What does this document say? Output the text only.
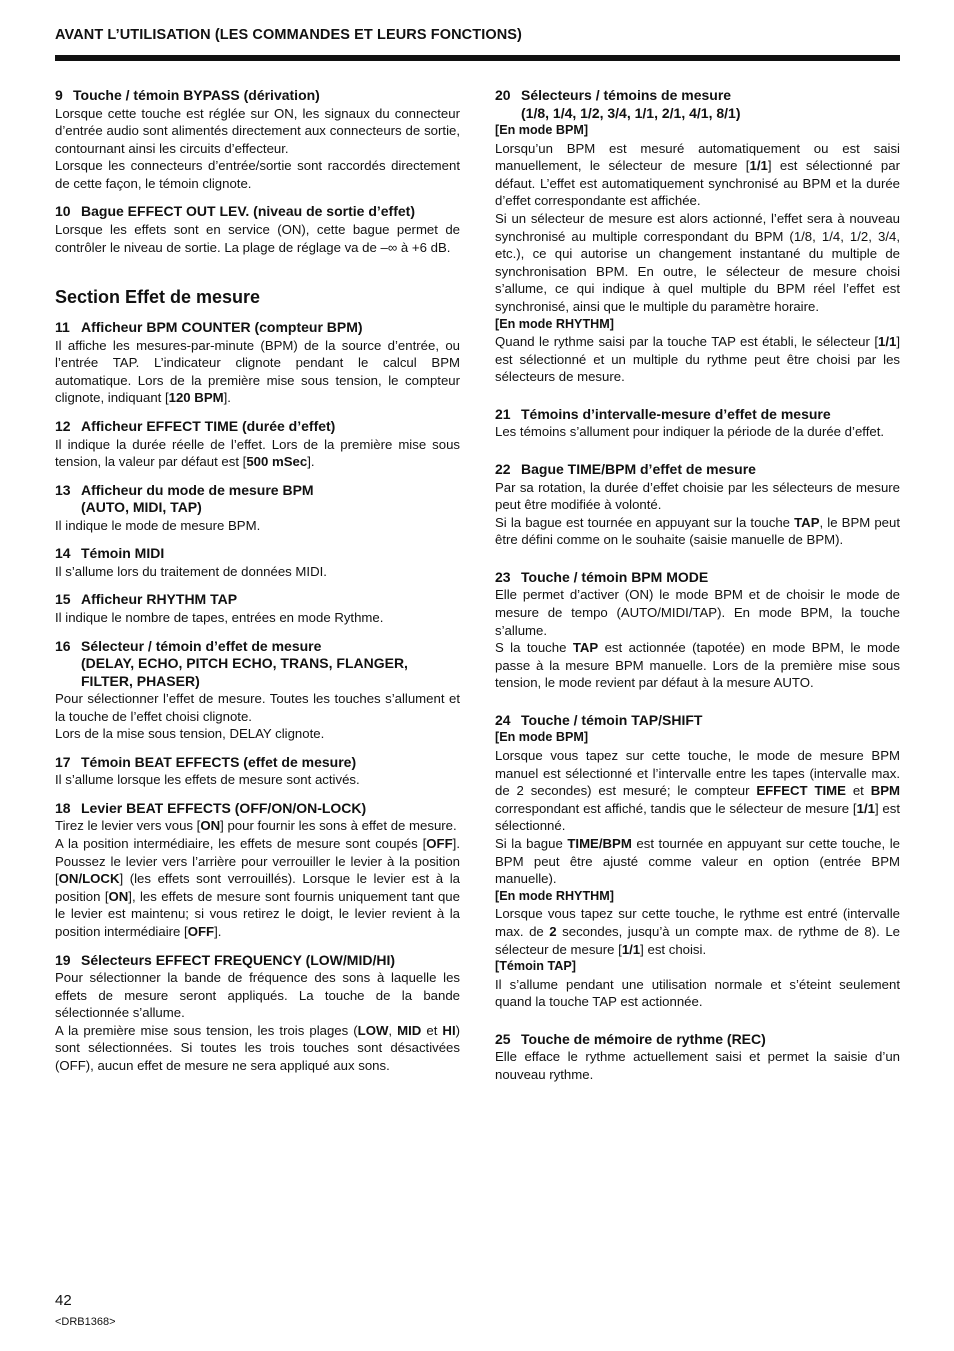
AVANT L’UTILISATION (LES COMMANDES ET LEURS FONCTIONS)
9 Touche / témoin BYPASS (dérivation)

Lorsque cette touche est réglée sur ON, les signaux du connecteur d’entrée audio sont alimentés directement aux connecteurs de sortie, contournant ainsi les circuits d’effecteur.

Lorsque les connecteurs d’entrée/sortie sont raccordés directement de cette façon, le témoin clignote.

10 Bague EFFECT OUT LEV. (niveau de sortie d’effet)

Lorsque les effets sont en service (ON), cette bague permet de contrôler le niveau de sortie. La plage de réglage va de –∞ à +6 dB.

Section Effet de mesure
11 Afficheur BPM COUNTER (compteur BPM)

Il affiche les mesures-par-minute (BPM) de la source d’entrée, ou l’entrée TAP. L’indicateur clignote pendant le calcul BPM automatique. Lors de la première mise sous tension, le compteur clignote, indiquant [120 BPM].

12 Afficheur EFFECT TIME (durée d’effet)

Il indique la durée réelle de l’effet. Lors de la première mise sous tension, la valeur par défaut est [500 mSec].

13 Afficheur du mode de mesure BPM
(AUTO, MIDI, TAP)

Il indique le mode de mesure BPM.

14 Témoin MIDI

Il s’allume lors du traitement de données MIDI.

15 Afficheur RHYTHM TAP

Il indique le nombre de tapes, entrées en mode Rythme.

16 Sélecteur / témoin d’effet de mesure
(DELAY, ECHO, PITCH ECHO, TRANS, FLANGER,
FILTER, PHASER)

Pour sélectionner l’effet de mesure. Toutes les touches s’allument et la touche de l’effet choisi clignote.

Lors de la mise sous tension, DELAY clignote.

17 Témoin BEAT EFFECTS (effet de mesure)

Il s’allume lorsque les effets de mesure sont activés.

18 Levier BEAT EFFECTS (OFF/ON/ON-LOCK)

Tirez le levier vers vous [ON] pour fournir les sons à effet de mesure.

A la position intermédiaire, les effets de mesure sont coupés [OFF]. Poussez le levier vers l’arrière pour verrouiller le levier à la position [ON/LOCK] (les effets sont verrouillés). Lorsque le levier est à la position [ON], les effets de mesure sont fournis uniquement tant que le levier est maintenu; si vous retirez le doigt, le levier revient à la position intermédiaire [OFF].

19 Sélecteurs EFFECT FREQUENCY (LOW/MID/HI)

Pour sélectionner la bande de fréquence des sons à laquelle les effets de mesure seront appliqués. La touche de la bande sélectionnée s’allume.

A la première mise sous tension, les trois plages (LOW, MID et HI) sont sélectionnées. Si toutes les trois touches sont désactivées (OFF), aucun effet de mesure ne sera appliqué aux sons.

20 Sélecteurs / témoins de mesure
(1/8, 1/4, 1/2, 3/4, 1/1, 2/1, 4/1, 8/1)

[En mode BPM]

Lorsqu’un BPM est mesuré automatiquement ou est saisi manuellement, le sélecteur de mesure [1/1] est sélectionné par défaut. L’effet est automatiquement synchronisé au BPM et la durée d’effet correspondante est affichée.

Si un sélecteur de mesure est alors actionné, l’effet sera à nouveau synchronisé au multiple correspondant du BPM (1/8, 1/4, 1/2, 3/4, etc.), ce qui autorise un changement instantané du multiple de synchronisation BPM. En outre, le sélecteur de mesure choisi s’allume, ce qui indique à quel multiple du BPM réel l’effet est synchronisé, ainsi que le multiple du paramètre horaire.

[En mode RHYTHM]

Quand le rythme saisi par la touche TAP est établi, le sélecteur [1/1] est sélectionné et un multiple du rythme peut être choisi par les sélecteurs de mesure.

21 Témoins d’intervalle-mesure d’effet de mesure

Les témoins s’allument pour indiquer la période de la durée d’effet.

22 Bague TIME/BPM d’effet de mesure

Par sa rotation, la durée d’effet choisie par les sélecteurs de mesure peut être modifiée à volonté.

Si la bague est tournée en appuyant sur la touche TAP, le BPM peut être défini comme on le souhaite (saisie manuelle de BPM).

23 Touche / témoin BPM MODE

Elle permet d’activer (ON) le mode BPM et de choisir le mode de mesure de tempo (AUTO/MIDI/TAP). En mode BPM, la touche s’allume.

S la touche TAP est actionnée (tapotée) en mode BPM, le mode passe à la mesure BPM manuelle. Lors de la première mise sous tension, le mode revient par défaut à la mesure AUTO.

24 Touche / témoin TAP/SHIFT

[En mode BPM]

Lorsque vous tapez sur cette touche, le mode de mesure BPM manuel est sélectionné et l’intervalle entre les tapes (intervalle max. de 2 secondes) est mesuré; le compteur EFFECT TIME et BPM correspondant est affiché, tandis que le sélecteur de mesure [1/1] est sélectionné.

Si la bague TIME/BPM est tournée en appuyant sur cette touche, le BPM peut être ajusté comme valeur en option (entrée BPM manuelle).

[En mode RHYTHM]

Lorsque vous tapez sur cette touche, le rythme est entré (intervalle max. de 2 secondes, jusqu’à un compte max. de rythme de 8). Le sélecteur de mesure [1/1] est choisi.

[Témoin TAP]

Il s’allume pendant une utilisation normale et s’éteint seulement quand la touche TAP est actionnée.

25 Touche de mémoire de rythme (REC)

Elle efface le rythme actuellement saisi et permet la saisie d’un nouveau rythme.

42
<DRB1368>
